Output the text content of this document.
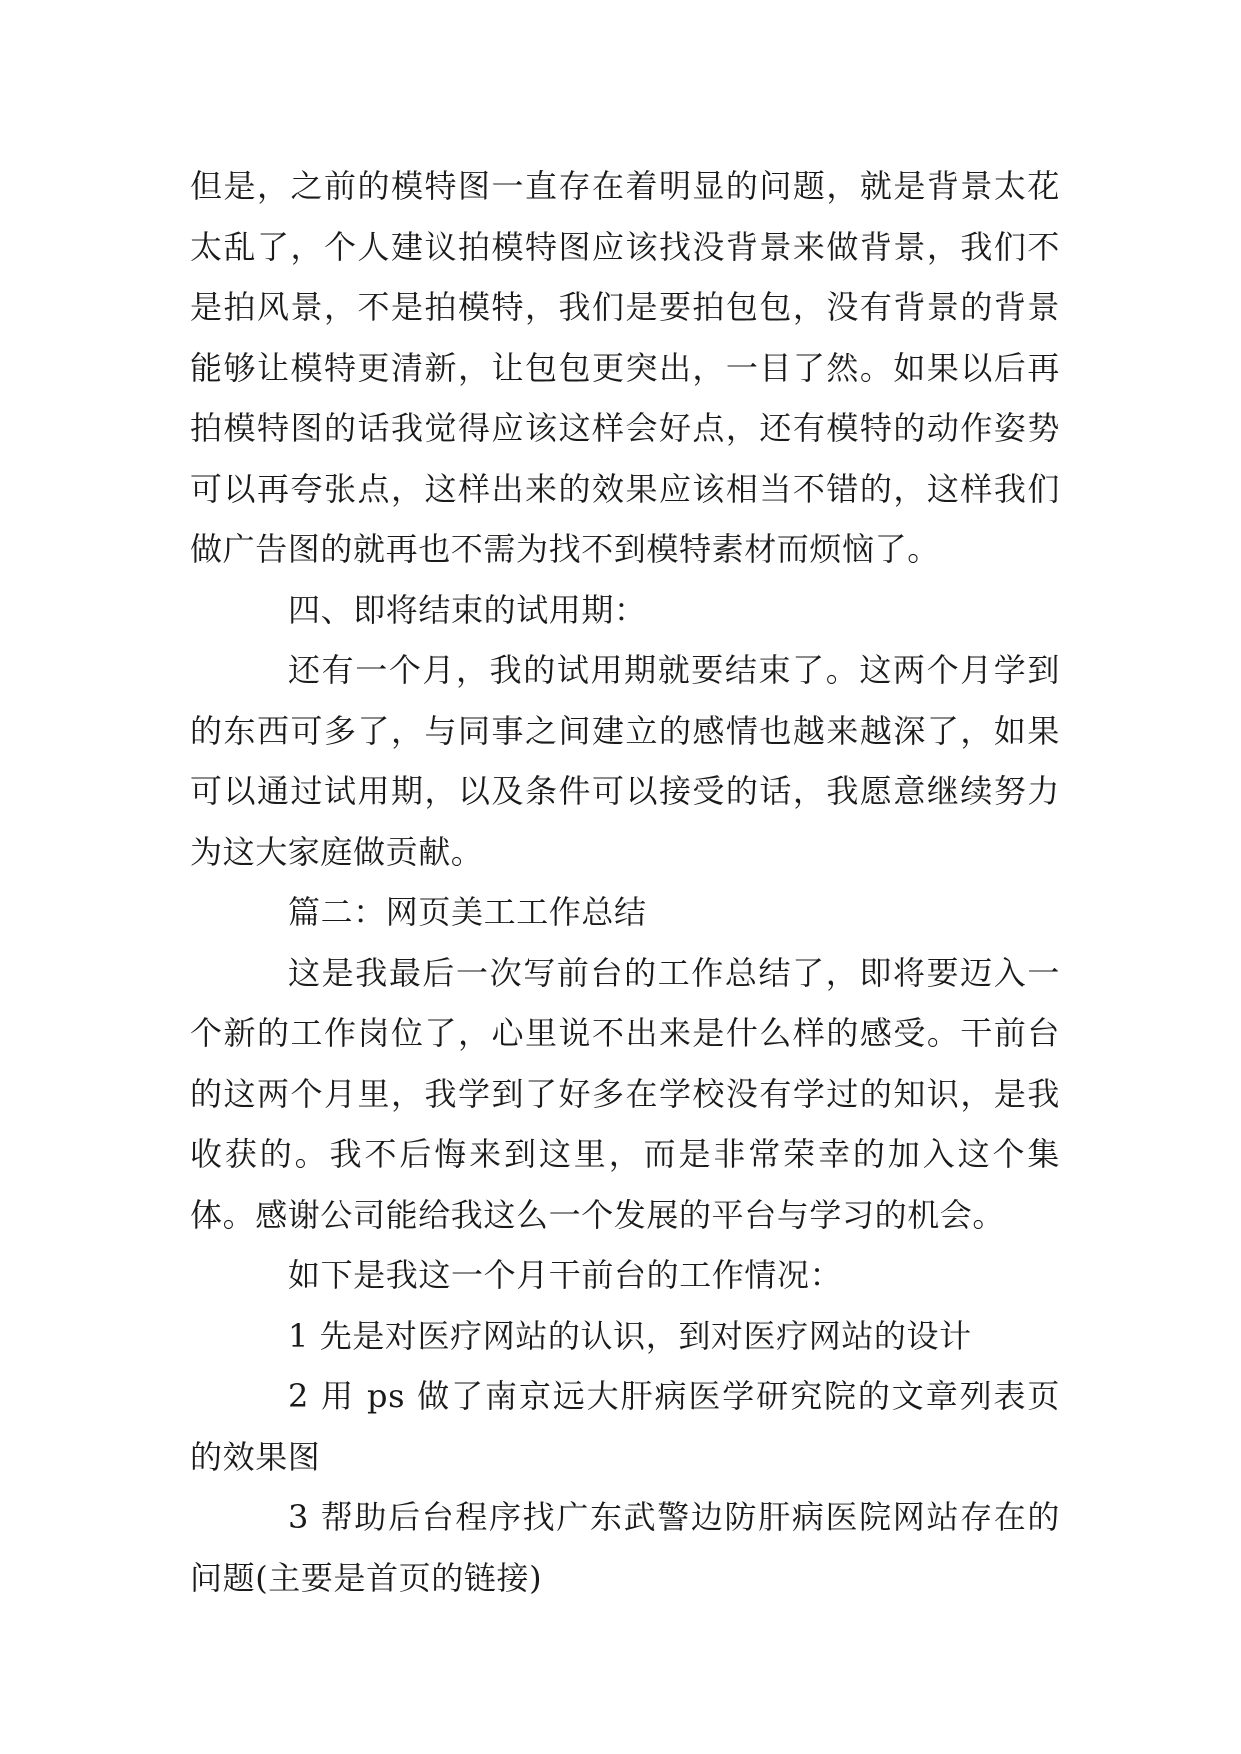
但是，之前的模特图一直存在着明显的问题，就是背景太花太乱了，个人建议拍模特图应该找没背景来做背景，我们不是拍风景，不是拍模特，我们是要拍包包，没有背景的背景能够让模特更清新，让包包更突出，一目了然。如果以后再拍模特图的话我觉得应该这样会好点，还有模特的动作姿势可以再夸张点，这样出来的效果应该相当不错的，这样我们做广告图的就再也不需为找不到模特素材而烦恼了。

四、即将结束的试用期：

还有一个月，我的试用期就要结束了。这两个月学到的东西可多了，与同事之间建立的感情也越来越深了，如果可以通过试用期，以及条件可以接受的话，我愿意继续努力为这大家庭做贡献。

篇二：网页美工工作总结

这是我最后一次写前台的工作总结了，即将要迈入一个新的工作岗位了，心里说不出来是什么样的感受。干前台的这两个月里，我学到了好多在学校没有学过的知识，是我收获的。我不后悔来到这里，而是非常荣幸的加入这个集体。感谢公司能给我这么一个发展的平台与学习的机会。

如下是我这一个月干前台的工作情况：

1 先是对医疗网站的认识，到对医疗网站的设计

2 用 ps 做了南京远大肝病医学研究院的文章列表页的效果图

3 帮助后台程序找广东武警边防肝病医院网站存在的问题(主要是首页的链接)
